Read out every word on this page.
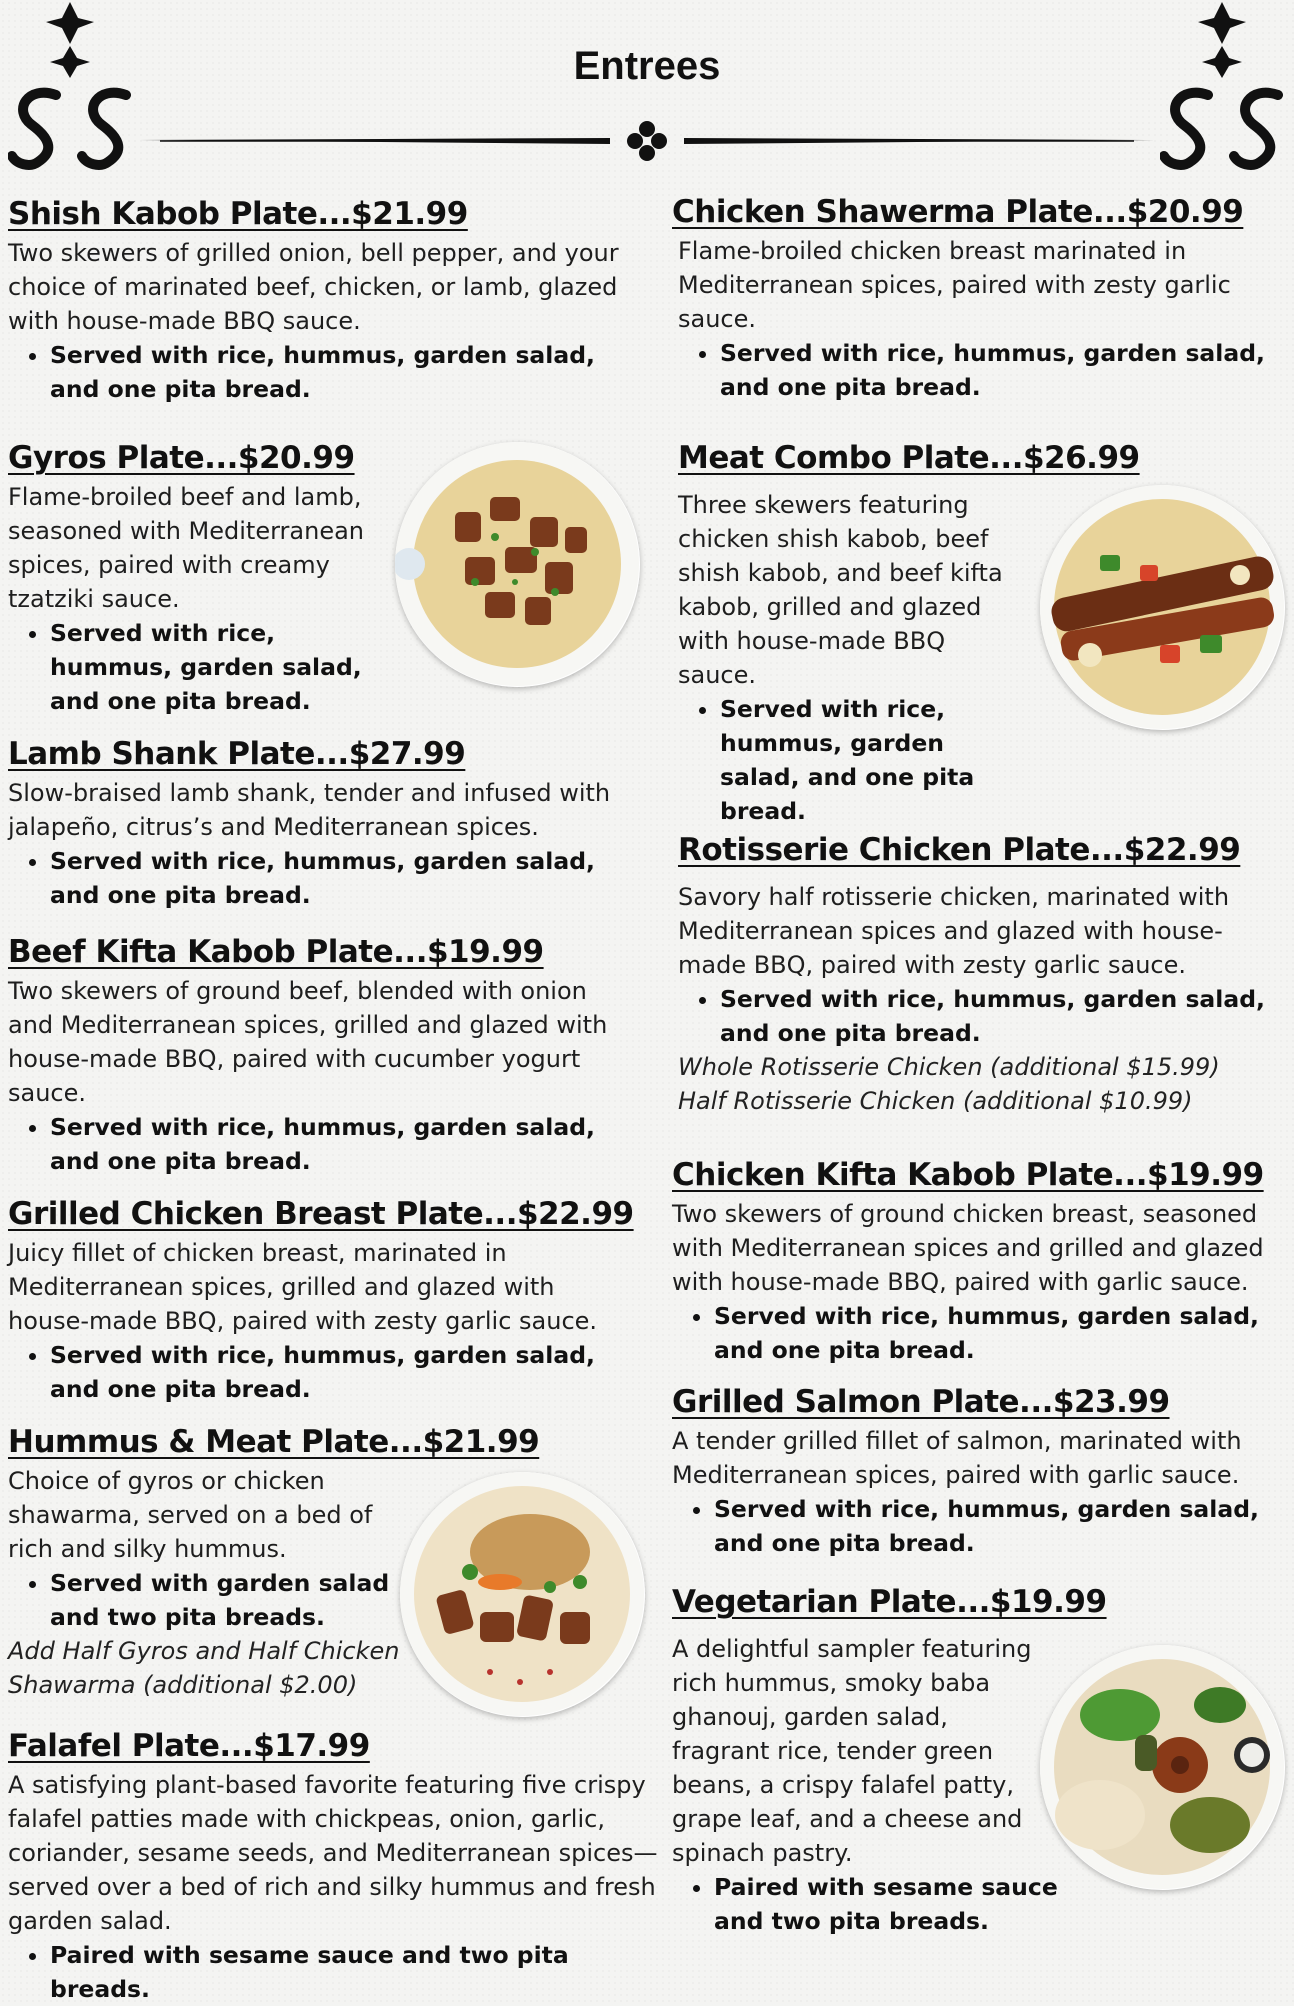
Entrees
Shish Kabob Plate...$21.99

Two skewers of grilled onion, bell pepper, and your choice of marinated beef, chicken, or lamb, glazed with house-made BBQ sauce.

• Served with rice, hummus, garden salad, and one pita bread.
Gyros Plate...$20.99

Flame-broiled beef and lamb, seasoned with Mediterranean spices, paired with creamy tzatziki sauce.

• Served with rice, hummus, garden salad, and one pita bread.
Lamb Shank Plate...$27.99

Slow-braised lamb shank, tender and infused with jalapeño, citrus’s and Mediterranean spices.

• Served with rice, hummus, garden salad, and one pita bread.
Beef Kifta Kabob Plate...$19.99

Two skewers of ground beef, blended with onion and Mediterranean spices, grilled and glazed with house-made BBQ, paired with cucumber yogurt sauce.

• Served with rice, hummus, garden salad, and one pita bread.
Grilled Chicken Breast Plate...$22.99

Juicy fillet of chicken breast, marinated in Mediterranean spices, grilled and glazed with house-made BBQ, paired with zesty garlic sauce.

• Served with rice, hummus, garden salad, and one pita bread.
Hummus & Meat Plate...$21.99

Choice of gyros or chicken shawarma, served on a bed of rich and silky hummus.

• Served with garden salad and two pita breads.

Add Half Gyros and Half Chicken Shawarma (additional $2.00)

Falafel Plate...$17.99

A satisfying plant-based favorite featuring five crispy falafel patties made with chickpeas, onion, garlic, coriander, sesame seeds, and Mediterranean spices—served over a bed of rich and silky hummus and fresh garden salad.

• Paired with sesame sauce and two pita breads.
Chicken Shawerma Plate...$20.99

Flame-broiled chicken breast marinated in Mediterranean spices, paired with zesty garlic sauce.

• Served with rice, hummus, garden salad, and one pita bread.
Meat Combo Plate...$26.99

Three skewers featuring chicken shish kabob, beef shish kabob, and beef kifta kabob, grilled and glazed with house-made BBQ sauce.

• Served with rice, hummus, garden salad, and one pita bread.
Rotisserie Chicken Plate...$22.99

Savory half rotisserie chicken, marinated with Mediterranean spices and glazed with house-made BBQ, paired with zesty garlic sauce.

• Served with rice, hummus, garden salad, and one pita bread.

Whole Rotisserie Chicken (additional $15.99)

Half Rotisserie Chicken (additional $10.99)

Chicken Kifta Kabob Plate...$19.99

Two skewers of ground chicken breast, seasoned with Mediterranean spices and grilled and glazed with house-made BBQ, paired with garlic sauce.

• Served with rice, hummus, garden salad, and one pita bread.
Grilled Salmon Plate...$23.99

A tender grilled fillet of salmon, marinated with Mediterranean spices, paired with garlic sauce.

• Served with rice, hummus, garden salad, and one pita bread.
Vegetarian Plate...$19.99

A delightful sampler featuring rich hummus, smoky baba ghanouj, garden salad, fragrant rice, tender green beans, a crispy falafel patty, grape leaf, and a cheese and spinach pastry.

• Paired with sesame sauce and two pita breads.
